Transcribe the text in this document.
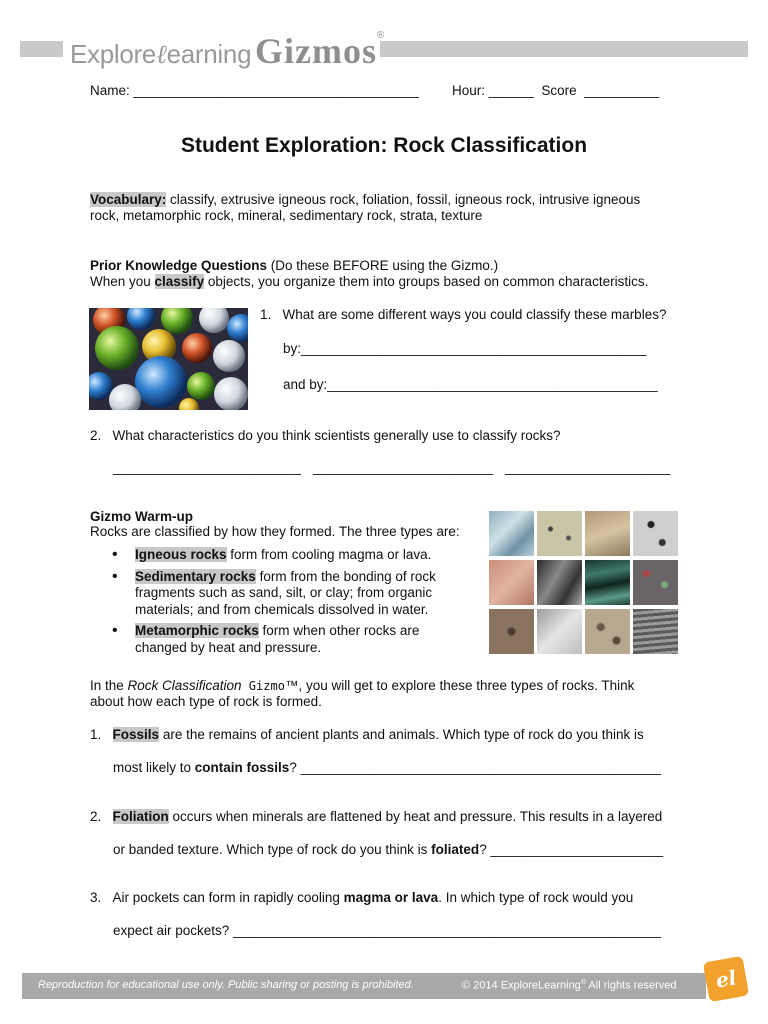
Exploreℓearning Gizmos®
Name: ______________________________________ Hour: ______ Score __________
Student Exploration: Rock Classification
Vocabulary: classify, extrusive igneous rock, foliation, fossil, igneous rock, intrusive igneous
rock, metamorphic rock, mineral, sedimentary rock, strata, texture
Prior Knowledge Questions (Do these BEFORE using the Gizmo.)
When you classify objects, you organize them into groups based on common characteristics.
1. What are some different ways you could classify these marbles?
by:______________________________________________
and by:____________________________________________
2. What characteristics do you think scientists generally use to classify rocks?
_________________________ ________________________ ______________________
Gizmo Warm-up
Rocks are classified by how they formed. The three types are:
• Igneous rocks form from cooling magma or lava.
• Sedimentary rocks form from the bonding of rock
fragments such as sand, silt, or clay; from organic
materials; and from chemicals dissolved in water.
• Metamorphic rocks form when other rocks are
changed by heat and pressure.
In the Rock Classification Gizmo™, you will get to explore these three types of rocks. Think
about how each type of rock is formed.
1. Fossils are the remains of ancient plants and animals. Which type of rock do you think is
most likely to contain fossils? ________________________________________________
2. Foliation occurs when minerals are flattened by heat and pressure. This results in a layered
or banded texture. Which type of rock do you think is foliated? _______________________
3. Air pockets can form in rapidly cooling magma or lava. In which type of rock would you
expect air pockets? _________________________________________________________
Reproduction for educational use only. Public sharing or posting is prohibited.	© 2014 ExploreLearning® All rights reserved	el
